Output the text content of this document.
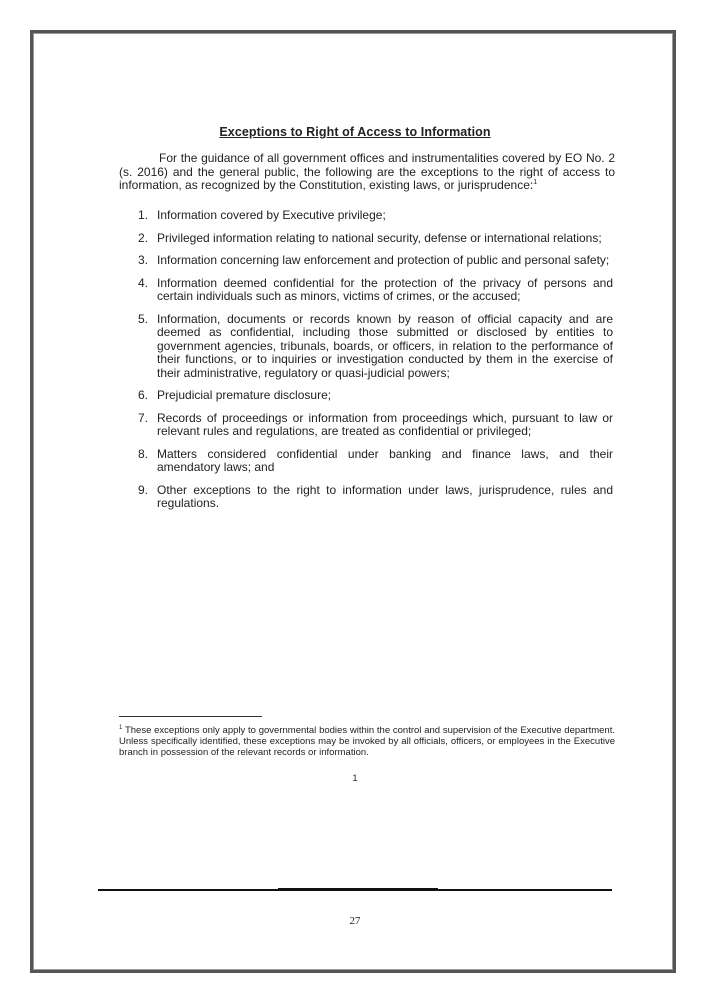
Exceptions to Right of Access to Information
For the guidance of all government offices and instrumentalities covered by EO No. 2 (s. 2016) and the general public, the following are the exceptions to the right of access to information, as recognized by the Constitution, existing laws, or jurisprudence:$^1$
1. Information covered by Executive privilege;
2. Privileged information relating to national security, defense or international relations;
3. Information concerning law enforcement and protection of public and personal safety;
4. Information deemed confidential for the protection of the privacy of persons and certain individuals such as minors, victims of crimes, or the accused;
5. Information, documents or records known by reason of official capacity and are deemed as confidential, including those submitted or disclosed by entities to government agencies, tribunals, boards, or officers, in relation to the performance of their functions, or to inquiries or investigation conducted by them in the exercise of their administrative, regulatory or quasi-judicial powers;
6. Prejudicial premature disclosure;
7. Records of proceedings or information from proceedings which, pursuant to law or relevant rules and regulations, are treated as confidential or privileged;
8. Matters considered confidential under banking and finance laws, and their amendatory laws; and
9. Other exceptions to the right to information under laws, jurisprudence, rules and regulations.
$^1$ These exceptions only apply to governmental bodies within the control and supervision of the Executive department. Unless specifically identified, these exceptions may be invoked by all officials, officers, or employees in the Executive branch in possession of the relevant records or information.
1
27
